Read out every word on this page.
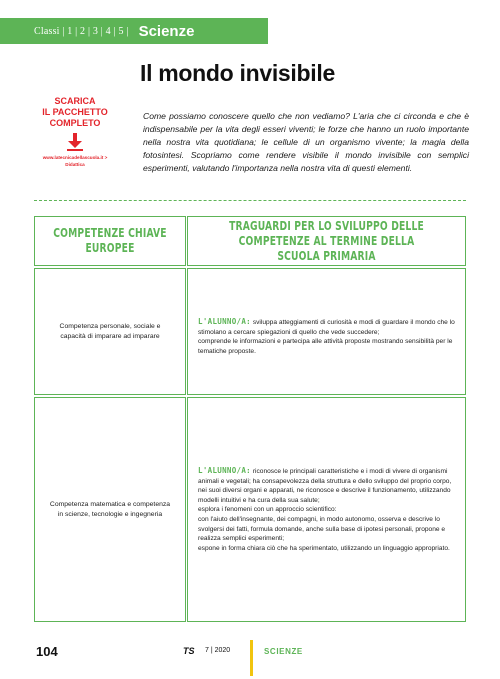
Classi | 1 | 2 | 3 | 4 | 5 | Scienze
Il mondo invisibile
SCARICA
IL PACCHETTO
COMPLETO
www.latecnicadellascuola.it >
Didattica
Come possiamo conoscere quello che non vediamo? L'aria che ci circonda e che è indispensabile per la vita degli esseri viventi; le forze che hanno un ruolo importante nella nostra vita quotidiana; le cellule di un organismo vivente; la magia della fotosintesi. Scopriamo come rendere visibile il mondo invisibile con semplici esperimenti, valutando l'importanza nella nostra vita di questi elementi.
COMPETENZE CHIAVE EUROPEE
TRAGUARDI PER LO SVILUPPO DELLE COMPETENZE AL TERMINE DELLA SCUOLA PRIMARIA
Competenza personale, sociale e capacità di imparare ad imparare
L'ALUNNO/A: sviluppa atteggiamenti di curiosità e modi di guardare il mondo che lo stimolano a cercare spiegazioni di quello che vede succedere;
comprende le informazioni e partecipa alle attività proposte mostrando sensibilità per le tematiche proposte.
Competenza matematica e competenza in scienze, tecnologie e ingegneria
L'ALUNNO/A: riconosce le principali caratteristiche e i modi di vivere di organismi animali e vegetali; ha consapevolezza della struttura e dello sviluppo del proprio corpo, nei suoi diversi organi e apparati, ne riconosce e descrive il funzionamento, utilizzando modelli intuitivi e ha cura della sua salute;
esplora i fenomeni con un approccio scientifico:
con l'aiuto dell'insegnante, dei compagni, in modo autonomo, osserva e descrive lo svolgersi dei fatti, formula domande, anche sulla base di ipotesi personali, propone e realizza semplici esperimenti;
espone in forma chiara ciò che ha sperimentato, utilizzando un linguaggio appropriato.
104	TS 7 | 2020	SCIENZE
